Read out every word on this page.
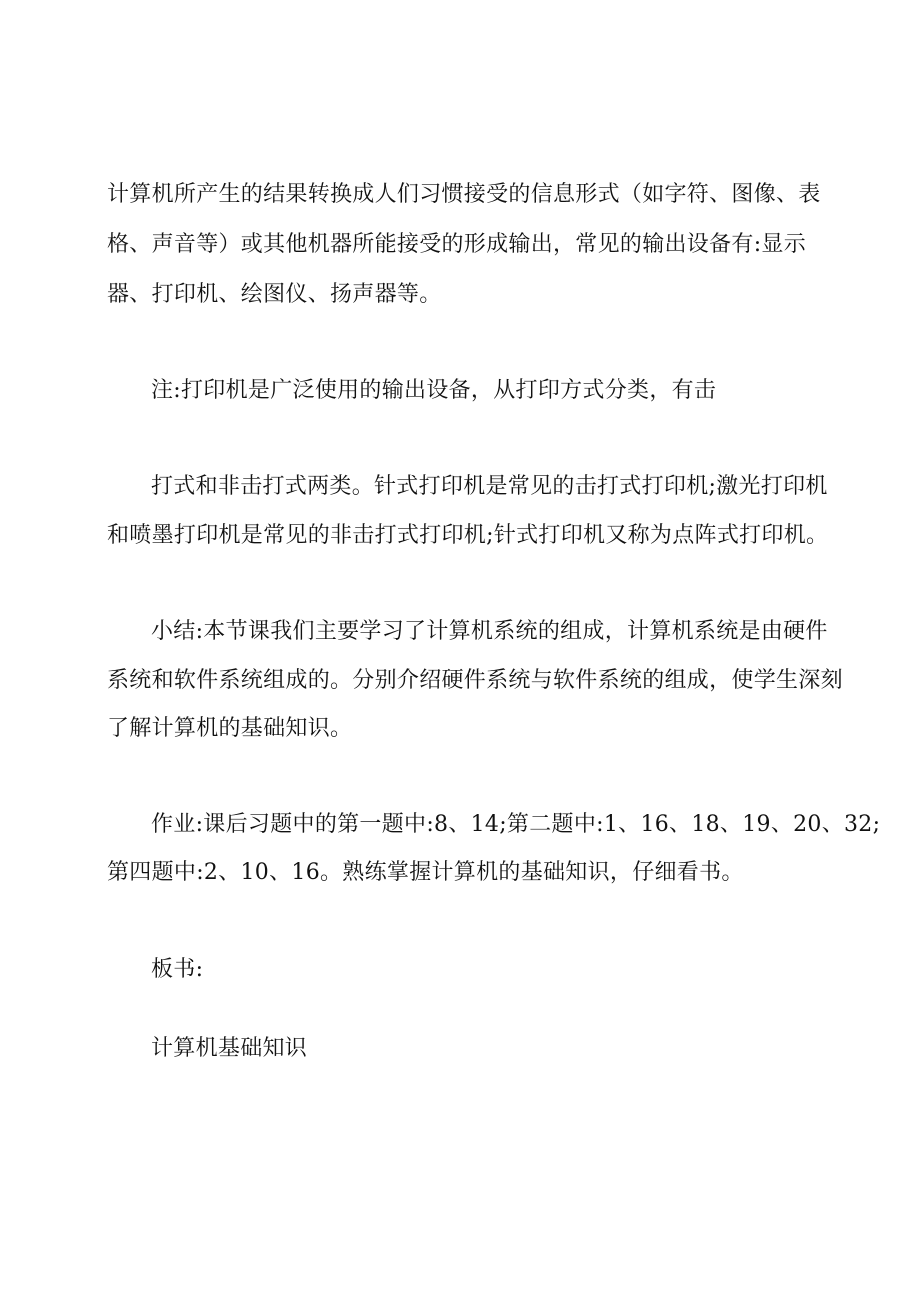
计算机所产生的结果转换成人们习惯接受的信息形式（如字符、图像、表
格、声音等）或其他机器所能接受的形成输出，常见的输出设备有:显示
器、打印机、绘图仪、扬声器等。
注:打印机是广泛使用的输出设备，从打印方式分类，有击
打式和非击打式两类。针式打印机是常见的击打式打印机;激光打印机
和喷墨打印机是常见的非击打式打印机;针式打印机又称为点阵式打印机。
小结:本节课我们主要学习了计算机系统的组成，计算机系统是由硬件
系统和软件系统组成的。分别介绍硬件系统与软件系统的组成，使学生深刻
了解计算机的基础知识。
作业:课后习题中的第一题中:8、14;第二题中:1、16、18、19、20、32;
第四题中:2、10、16。熟练掌握计算机的基础知识，仔细看书。
板书:
计算机基础知识
